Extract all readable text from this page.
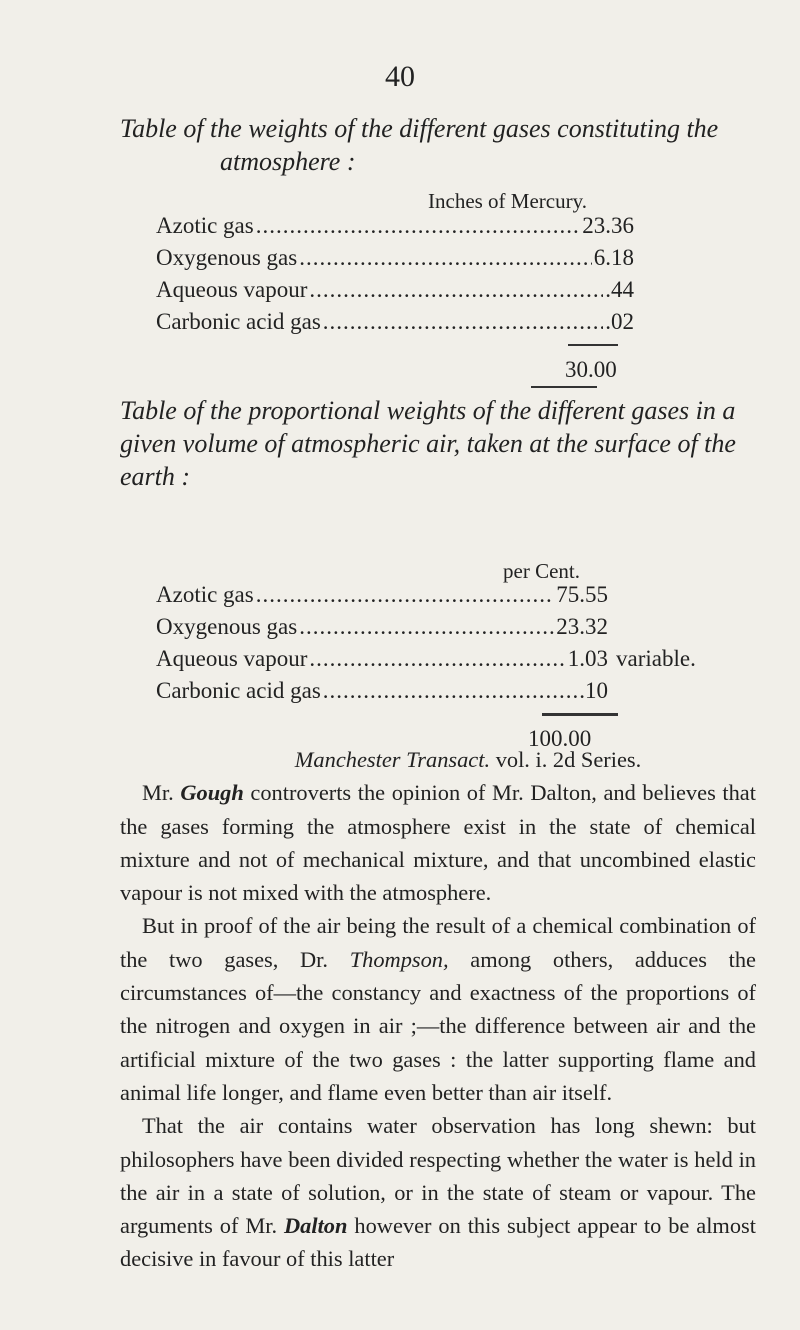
40
Table of the weights of the different gases constituting the
atmosphere :
Inches of Mercury.
Azotic gas .....	23.36
Oxygenous gas .....	6.18
Aqueous vapour .....	.44
Carbonic acid gas .....	.02
30.00
Table of the proportional weights of the different gases in a given volume of atmospheric air, taken at the surface of the earth :
per Cent.
Azotic gas .....	75.55
Oxygenous gas .....	23.32
Aqueous vapour .....	1.03 variable.
Carbonic acid gas .....	.10
100.00

Manchester Transact. vol. i. 2d Series.

Mr. Gough controverts the opinion of Mr. Dalton, and believes that the gases forming the atmosphere exist in the state of chemical mixture and not of mechanical mixture, and that uncombined elastic vapour is not mixed with the atmosphere.

But in proof of the air being the result of a chemical combination of the two gases, Dr. Thompson, among others, adduces the circumstances of—the constancy and exactness of the proportions of the nitrogen and oxygen in air ;—the difference between air and the artificial mixture of the two gases : the latter supporting flame and animal life longer, and flame even better than air itself.

That the air contains water observation has long shewn: but philosophers have been divided respecting whether the water is held in the air in a state of solution, or in the state of steam or vapour. The arguments of Mr. Dalton however on this subject appear to be almost decisive in favour of this latter
